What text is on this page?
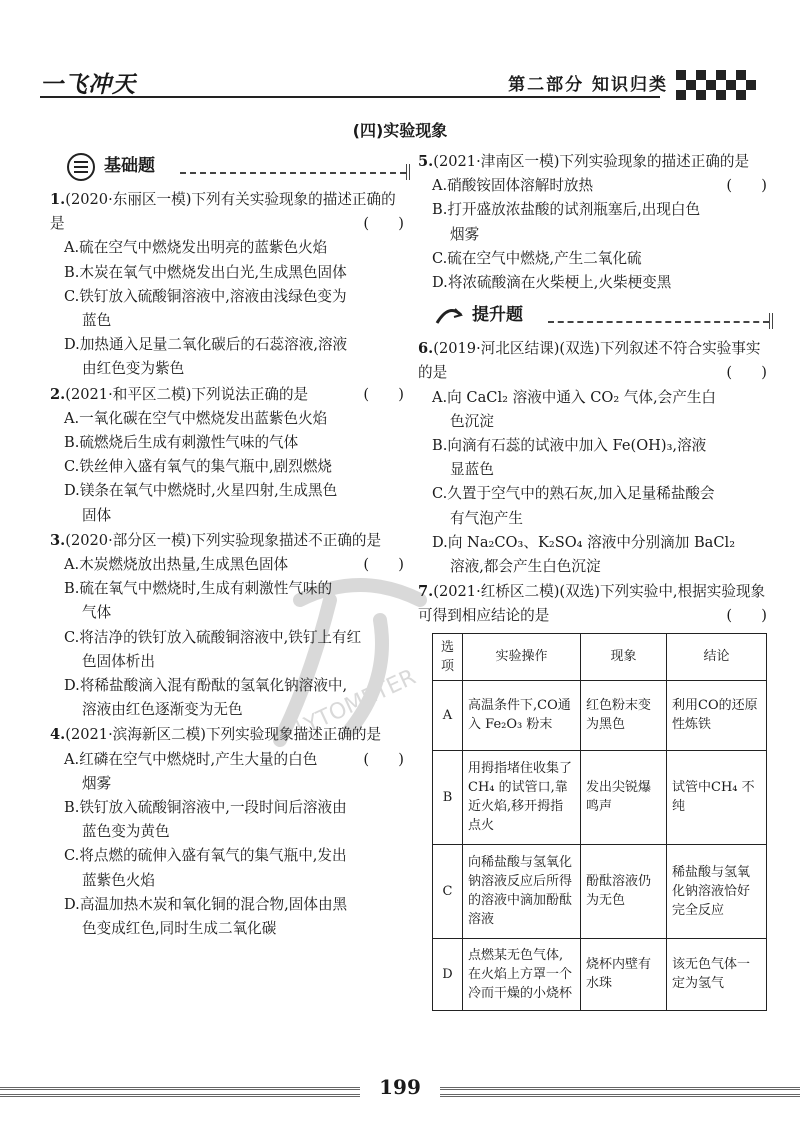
一飞冲天	第二部分 知识归类
(四)实验现象
基础题
1.(2020·东丽区一模)下列有关实验现象的描述正确的是	(　　)
A.硫在空气中燃烧发出明亮的蓝紫色火焰
B.木炭在氧气中燃烧发出白光,生成黑色固体
C.铁钉放入硫酸铜溶液中,溶液由浅绿色变为
蓝色
D.加热通入足量二氧化碳后的石蕊溶液,溶液
由红色变为紫色
2.(2021·和平区二模)下列说法正确的是	(　　)
A.一氧化碳在空气中燃烧发出蓝紫色火焰
B.硫燃烧后生成有刺激性气味的气体
C.铁丝伸入盛有氧气的集气瓶中,剧烈燃烧
D.镁条在氧气中燃烧时,火星四射,生成黑色
固体
3.(2020·部分区一模)下列实验现象描述不正确的是
(　　)
A.木炭燃烧放出热量,生成黑色固体
B.硫在氧气中燃烧时,生成有刺激性气味的
气体
C.将洁净的铁钉放入硫酸铜溶液中,铁钉上有红
色固体析出
D.将稀盐酸滴入混有酚酞的氢氧化钠溶液中,
溶液由红色逐渐变为无色
4.(2021·滨海新区二模)下列实验现象描述正确的是
(　　)
A.红磷在空气中燃烧时,产生大量的白色
烟雾
B.铁钉放入硫酸铜溶液中,一段时间后溶液由
蓝色变为黄色
C.将点燃的硫伸入盛有氧气的集气瓶中,发出
蓝紫色火焰
D.高温加热木炭和氧化铜的混合物,固体由黑
色变成红色,同时生成二氧化碳
5.(2021·津南区一模)下列实验现象的描述正确的是
(　　)
A.硝酸铵固体溶解时放热
B.打开盛放浓盐酸的试剂瓶塞后,出现白色
烟雾
C.硫在空气中燃烧,产生二氧化硫
D.将浓硫酸滴在火柴梗上,火柴梗变黑
提升题
6.(2019·河北区结课)(双选)下列叙述不符合实验事实的是	(　　)
A.向 CaCl₂ 溶液中通入 CO₂ 气体,会产生白
色沉淀
B.向滴有石蕊的试液中加入 Fe(OH)₃,溶液
显蓝色
C.久置于空气中的熟石灰,加入足量稀盐酸会
有气泡产生
D.向 Na₂CO₃、K₂SO₄ 溶液中分别滴加 BaCl₂
溶液,都会产生白色沉淀
7.(2021·红桥区二模)(双选)下列实验中,根据实验现象可得到相应结论的是	(　　)
选项	实验操作	现象	结论
A	高温条件下,CO通入 Fe₂O₃ 粉末	红色粉末变为黑色	利用CO的还原性炼铁
B	用拇指堵住收集了CH₄ 的试管口,靠近火焰,移开拇指点火	发出尖锐爆鸣声	试管中CH₄ 不纯
C	向稀盐酸与氢氧化钠溶液反应后所得的溶液中滴加酚酞溶液	酚酞溶液仍为无色	稀盐酸与氢氧化钠溶液恰好完全反应
D	点燃某无色气体,在火焰上方罩一个冷而干燥的小烧杯	烧杯内壁有水珠	该无色气体一定为氢气
LYTOMETER
199
